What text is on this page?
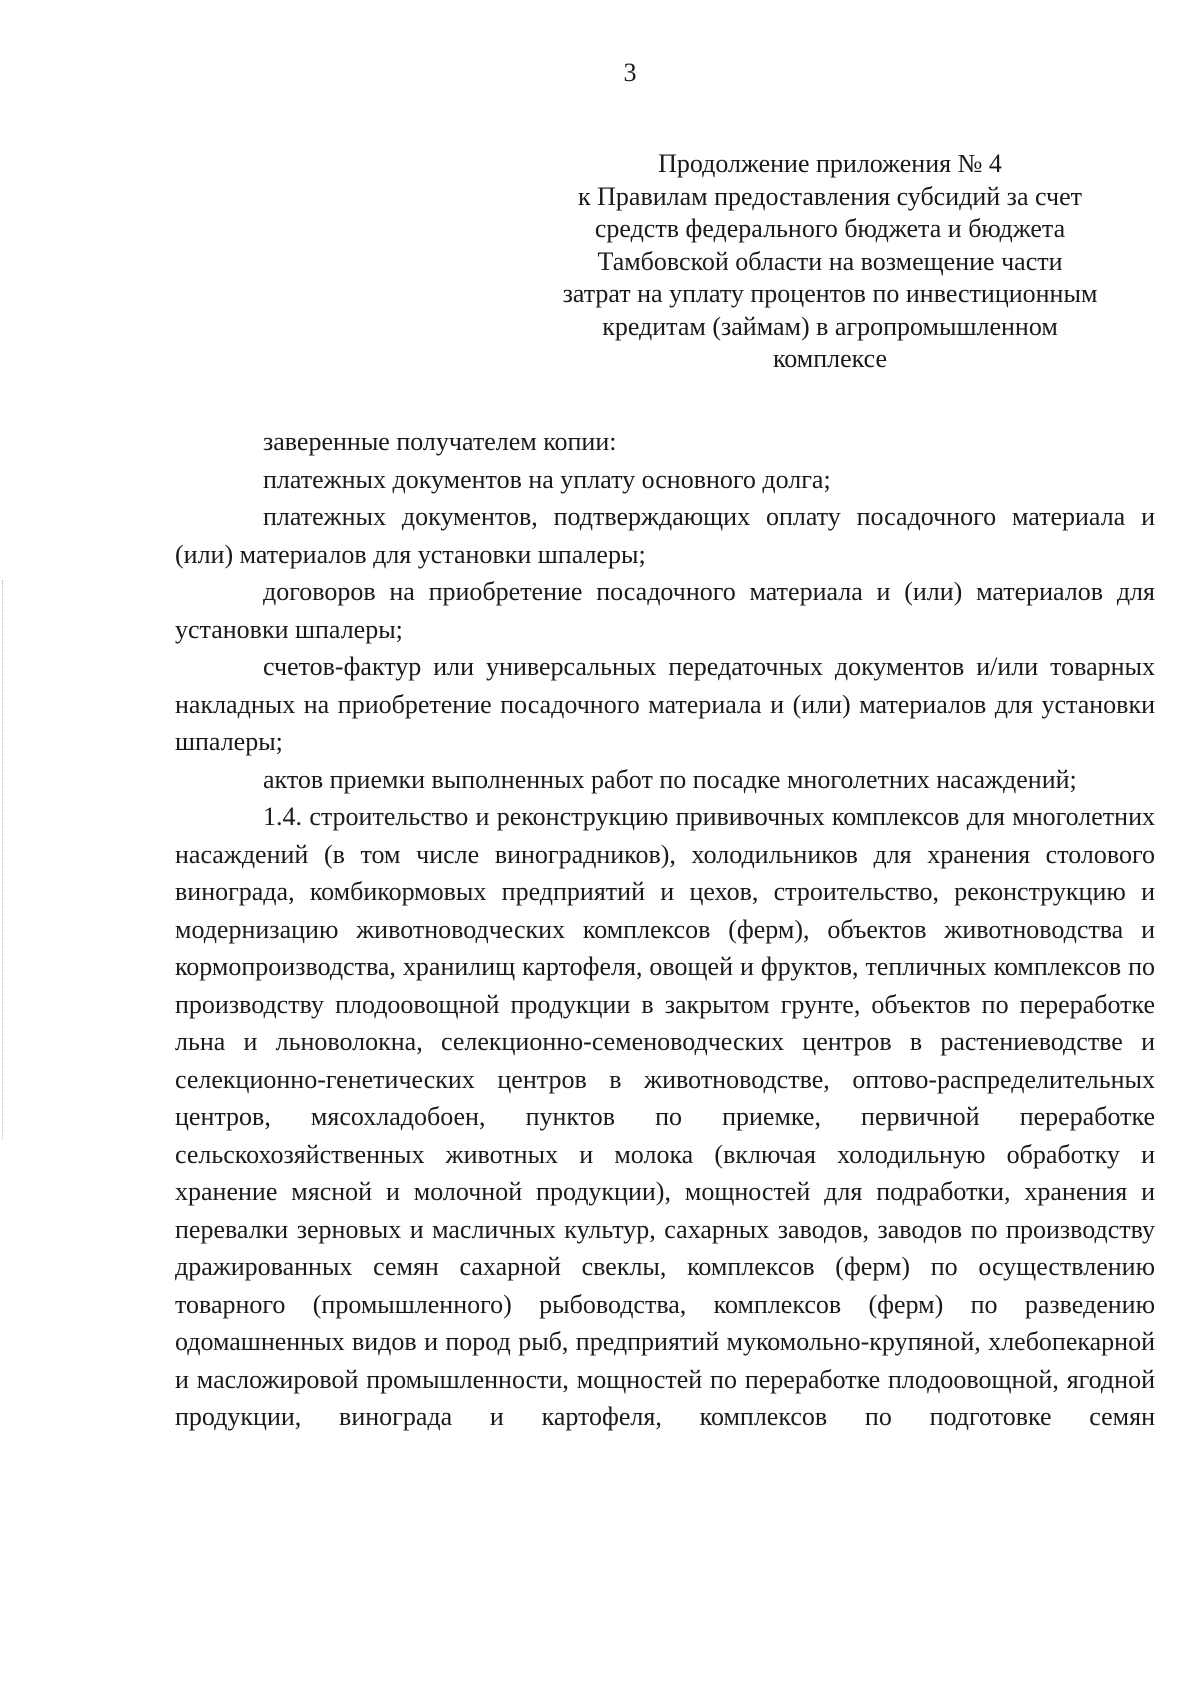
3
Продолжение приложения № 4
к Правилам предоставления субсидий за счет
средств федерального бюджета и бюджета
Тамбовской области на возмещение части
затрат на уплату процентов по инвестиционным
кредитам (займам) в агропромышленном
комплексе

заверенные получателем копии:

платежных документов на уплату основного долга;

платежных документов, подтверждающих оплату посадочного материала и (или) материалов для установки шпалеры;

договоров на приобретение посадочного материала и (или) материалов для установки шпалеры;

счетов-фактур или универсальных передаточных документов и/или товарных накладных на приобретение посадочного материала и (или) материалов для установки шпалеры;

актов приемки выполненных работ по посадке многолетних насаждений;

1.4. строительство и реконструкцию прививочных комплексов для многолетних насаждений (в том числе виноградников), холодильников для хранения столового винограда, комбикормовых предприятий и цехов, строительство, реконструкцию и модернизацию животноводческих комплексов (ферм), объектов животноводства и кормопроизводства, хранилищ картофеля, овощей и фруктов, тепличных комплексов по производству плодоовощной продукции в закрытом грунте, объектов по переработке льна и льноволокна, селекционно-семеноводческих центров в растениеводстве и селекционно-генетических центров в животноводстве, оптово-распределительных центров, мясохладобоен, пунктов по приемке, первичной переработке сельскохозяйственных животных и молока (включая холодильную обработку и хранение мясной и молочной продукции), мощностей для подработки, хранения и перевалки зерновых и масличных культур, сахарных заводов, заводов по производству дражированных семян сахарной свеклы, комплексов (ферм) по осуществлению товарного (промышленного) рыбоводства, комплексов (ферм) по разведению одомашненных видов и пород рыб, предприятий мукомольно-крупяной, хлебопекарной и масложировой промышленности, мощностей по переработке плодоовощной, ягодной продукции, винограда и картофеля, комплексов по подготовке семян
